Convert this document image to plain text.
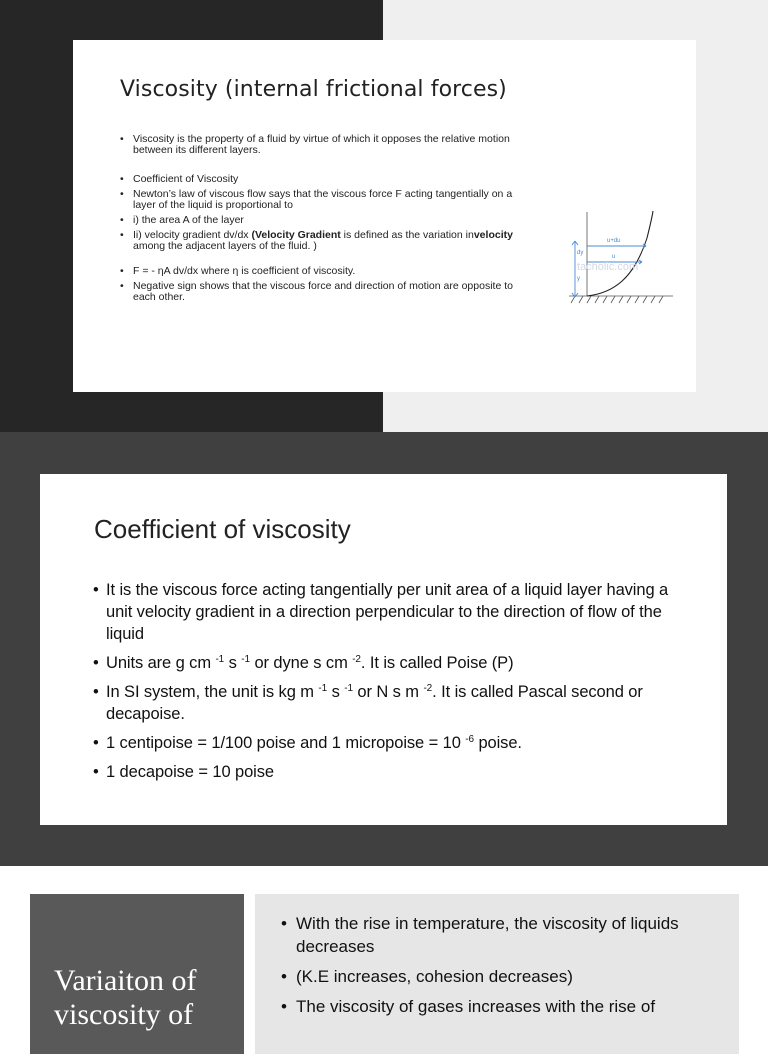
Viscosity (internal frictional forces)
• Viscosity is the property of a fluid by virtue of which it opposes the relative motion between its different layers.
• Coefficient of Viscosity
• Newton’s law of viscous flow says that the viscous force F acting tangentially on a layer of the liquid is proportional to
• i) the area A of the layer
• Ii) velocity gradient dv/dx (Velocity Gradient is defined as the variation invelocity among the adjacent layers of the fluid. )
• F = - ηA dv/dx where η is coefficient of viscosity.
• Negative sign shows that the viscous force and direction of motion are opposite to each other.
u+du
u
dy
y
tacholic.com
Coefficient of viscosity
• It is the viscous force acting tangentially per unit area of a liquid layer having a unit velocity gradient in a direction perpendicular to the direction of flow of the liquid
• Units are g cm $^{-1}$ s $^{-1}$ or dyne s cm $^{-2}$. It is called Poise (P)
• In SI system, the unit is kg m $^{-1}$ s $^{-1}$ or N s m $^{-2}$. It is called Pascal second or decapoise.
• 1 centipoise = 1/100 poise and 1 micropoise = 10 $^{-6}$ poise.
• 1 decapoise = 10 poise
Variaiton of viscosity of
• With the rise in temperature, the viscosity of liquids decreases
• (K.E increases, cohesion decreases)
• The viscosity of gases increases with the rise of
